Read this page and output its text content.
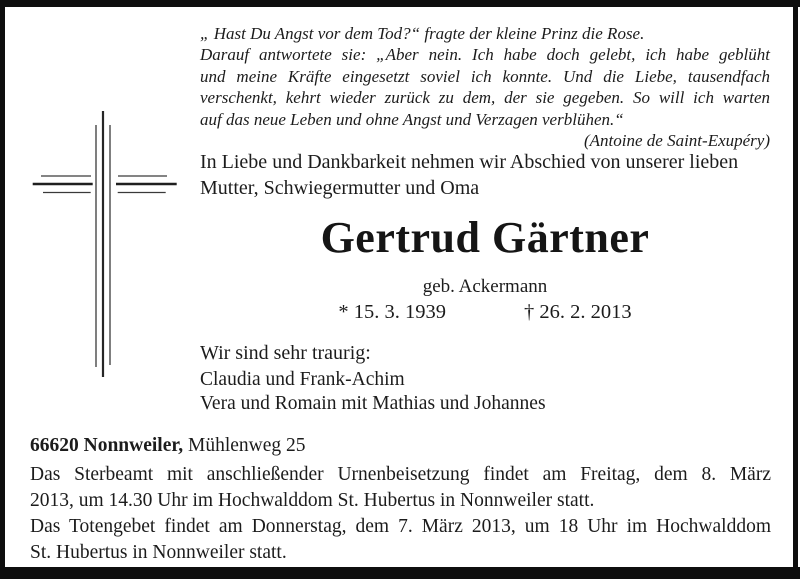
„ Hast Du Angst vor dem Tod?“ fragte der kleine Prinz die Rose.
Darauf antwortete sie: „Aber nein. Ich habe doch gelebt, ich habe geblüht
und meine Kräfte eingesetzt soviel ich konnte. Und die Liebe, tausendfach
verschenkt, kehrt wieder zurück zu dem, der sie gegeben. So will ich warten
auf das neue Leben und ohne Angst und Verzagen verblühen.“
(Antoine de Saint-Exupéry)
In Liebe und Dankbarkeit nehmen wir Abschied von unserer lieben
Mutter, Schwiegermutter und Oma
Gertrud Gärtner
geb. Ackermann
* 15. 3. 1939	† 26. 2. 2013
Wir sind sehr traurig:
Claudia und Frank-Achim
Vera und Romain mit Mathias und Johannes
66620 Nonnweiler, Mühlenweg 25
Das Sterbeamt mit anschließender Urnenbeisetzung findet am Freitag, dem 8. März
2013, um 14.30 Uhr im Hochwalddom St. Hubertus in Nonnweiler statt.
Das Totengebet findet am Donnerstag, dem 7. März 2013, um 18 Uhr im Hochwalddom
St. Hubertus in Nonnweiler statt.
